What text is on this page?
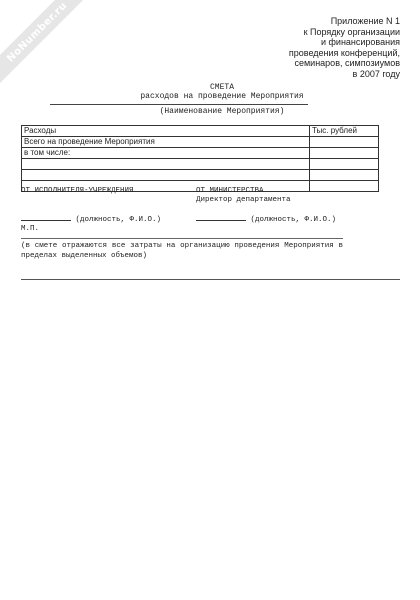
NoNumber.ru	Приложение N 1
к Порядку организации
и финансирования
проведения конференций,
семинаров, симпозиумов
в 2007 году
СМЕТА
расходов на проведение Мероприятия
(Наименование Мероприятия)
Расходы	Тыс. рублей
Всего на проведение Мероприятия	
в том числе:	

ОТ ИСПОЛНИТЕЛЯ-УЧРЕЖДЕНИЯ	ОТ МИНИСТЕРСТВА
Директор департамента
(должность, Ф.И.О.)	(должность, Ф.И.О.)
М.П.
(в смете отражаются все затраты на организацию проведения Мероприятия в пределах выделенных объемов)
